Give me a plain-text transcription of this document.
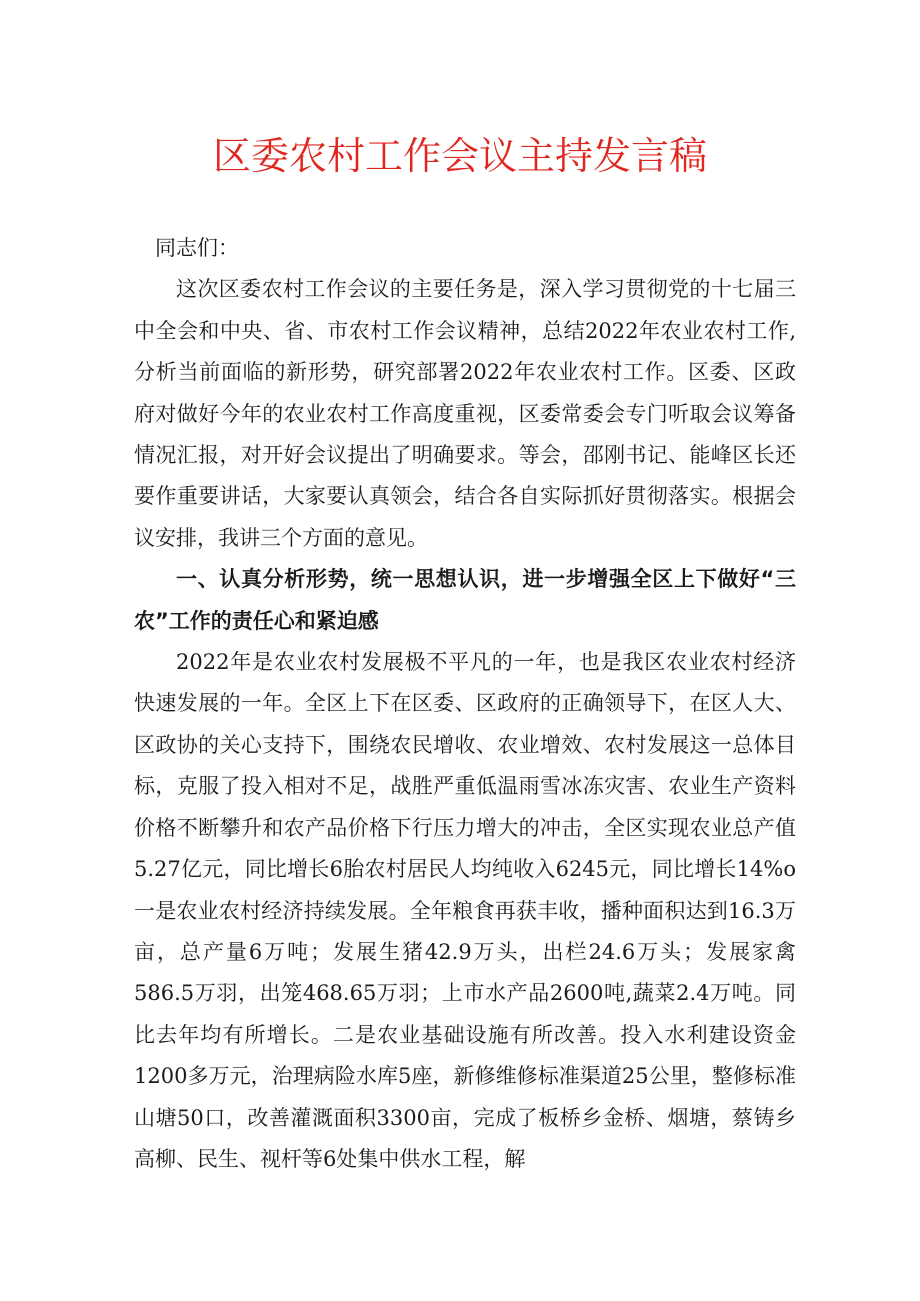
区委农村工作会议主持发言稿

同志们：

这次区委农村工作会议的主要任务是，深入学习贯彻党的十七届三中全会和中央、省、市农村工作会议精神，总结2022年农业农村工作,分析当前面临的新形势，研究部署2022年农业农村工作。区委、区政府对做好今年的农业农村工作高度重视，区委常委会专门听取会议筹备情况汇报，对开好会议提出了明确要求。等会，邵刚书记、能峰区长还要作重要讲话，大家要认真领会，结合各自实际抓好贯彻落实。根据会议安排，我讲三个方面的意见。

一、认真分析形势，统一思想认识，进一步增强全区上下做好“三农”工作的责任心和紧迫感

2022年是农业农村发展极不平凡的一年，也是我区农业农村经济快速发展的一年。全区上下在区委、区政府的正确领导下，在区人大、区政协的关心支持下，围绕农民增收、农业增效、农村发展这一总体目标，克服了投入相对不足，战胜严重低温雨雪冰冻灾害、农业生产资料价格不断攀升和农产品价格下行压力增大的冲击，全区实现农业总产值5.27亿元，同比增长6胎农村居民人均纯收入6245元，同比增长14%o一是农业农村经济持续发展。全年粮食再获丰收，播种面积达到16.3万亩，总产量6万吨；发展生猪42.9万头，出栏24.6万头；发展家禽586.5万羽，出笼468.65万羽；上市水产品2600吨,蔬菜2.4万吨。同比去年均有所增长。二是农业基础设施有所改善。投入水利建设资金1200多万元，治理病险水库5座，新修维修标准渠道25公里，整修标准山塘50口，改善灌溉面积3300亩，完成了板桥乡金桥、烟塘，蔡铸乡高柳、民生、视杆等6处集中供水工程，解
